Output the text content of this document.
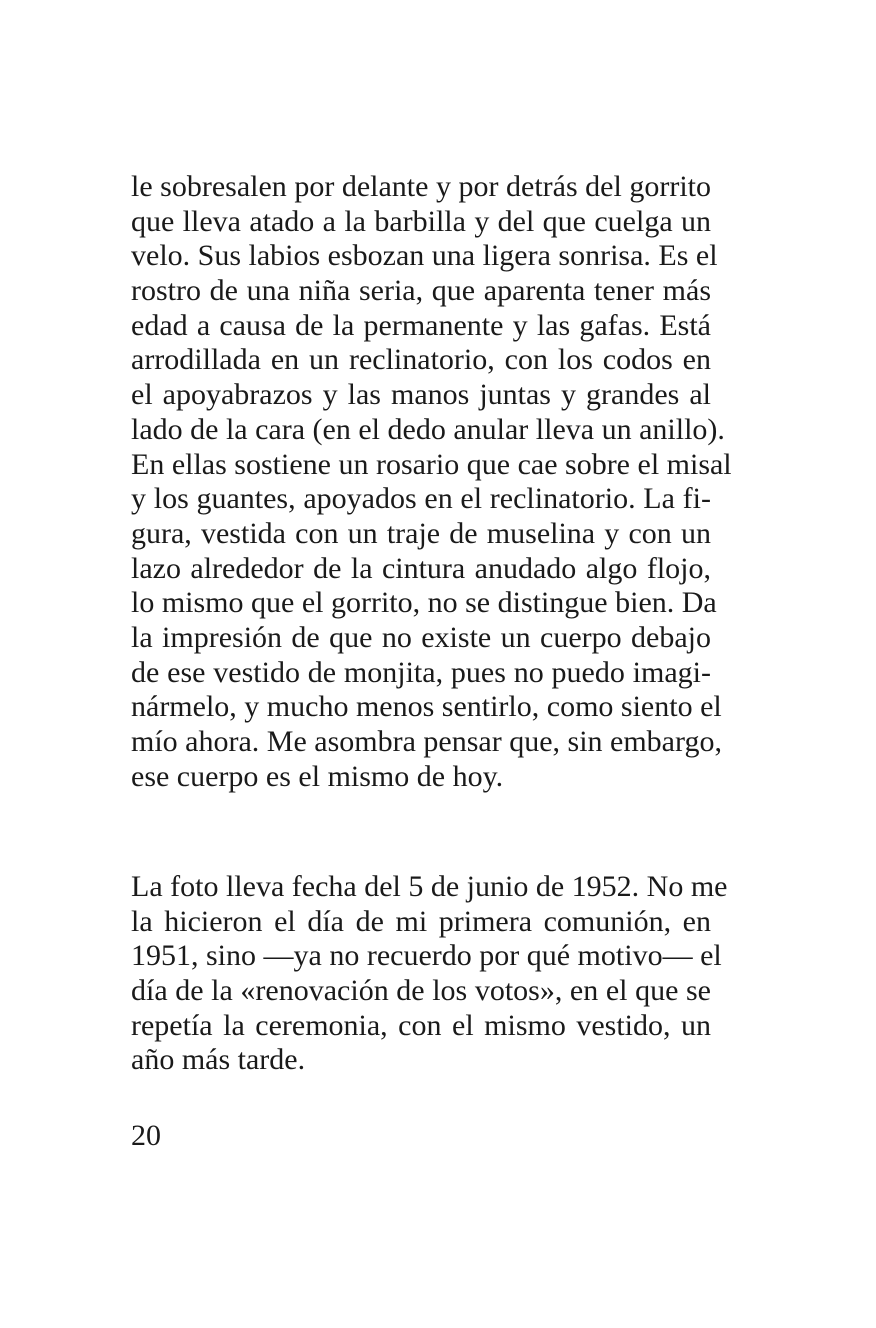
le sobresalen por delante y por detrás del gorrito
que lleva atado a la barbilla y del que cuelga un
velo. Sus labios esbozan una ligera sonrisa. Es el
rostro de una niña seria, que aparenta tener más
edad a causa de la permanente y las gafas. Está
arrodillada en un reclinatorio, con los codos en
el apoyabrazos y las manos juntas y grandes al
lado de la cara (en el dedo anular lleva un anillo).
En ellas sostiene un rosario que cae sobre el misal
y los guantes, apoyados en el reclinatorio. La fi-
gura, vestida con un traje de muselina y con un
lazo alrededor de la cintura anudado algo flojo,
lo mismo que el gorrito, no se distingue bien. Da
la impresión de que no existe un cuerpo debajo
de ese vestido de monjita, pues no puedo imagi-
nármelo, y mucho menos sentirlo, como siento el
mío ahora. Me asombra pensar que, sin embargo,
ese cuerpo es el mismo de hoy.
La foto lleva fecha del 5 de junio de 1952. No me
la hicieron el día de mi primera comunión, en
1951, sino —ya no recuerdo por qué motivo— el
día de la «renovación de los votos», en el que se
repetía la ceremonia, con el mismo vestido, un
año más tarde.
20
